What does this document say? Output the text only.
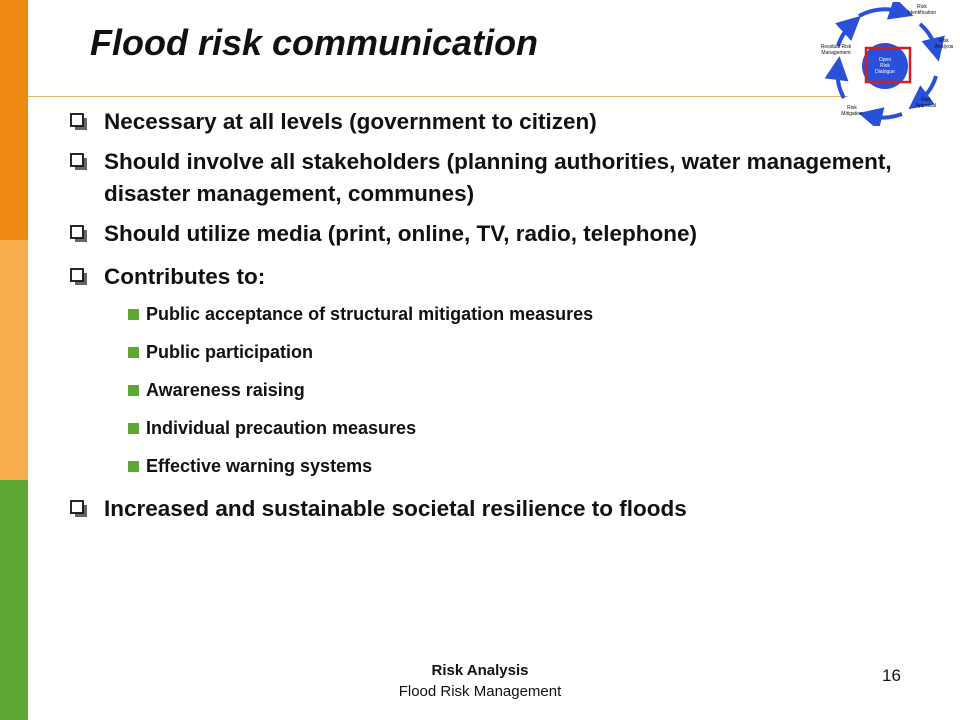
Flood risk communication	Open
Risk
Dialogue
Risk
Identification
Risk
Analysis
Risk
Appraisal
Risk
Mitigation
Residual Risk
Management
Necessary at all levels (government to citizen)
Should involve all stakeholders (planning authorities, water management, disaster management, communes)
Should utilize media (print, online, TV, radio, telephone)
Contributes to:
Public acceptance of structural mitigation measures
Public participation
Awareness raising
Individual precaution measures
Effective warning systems
Increased and sustainable societal resilience to floods
Risk Analysis
Flood Risk Management
16
